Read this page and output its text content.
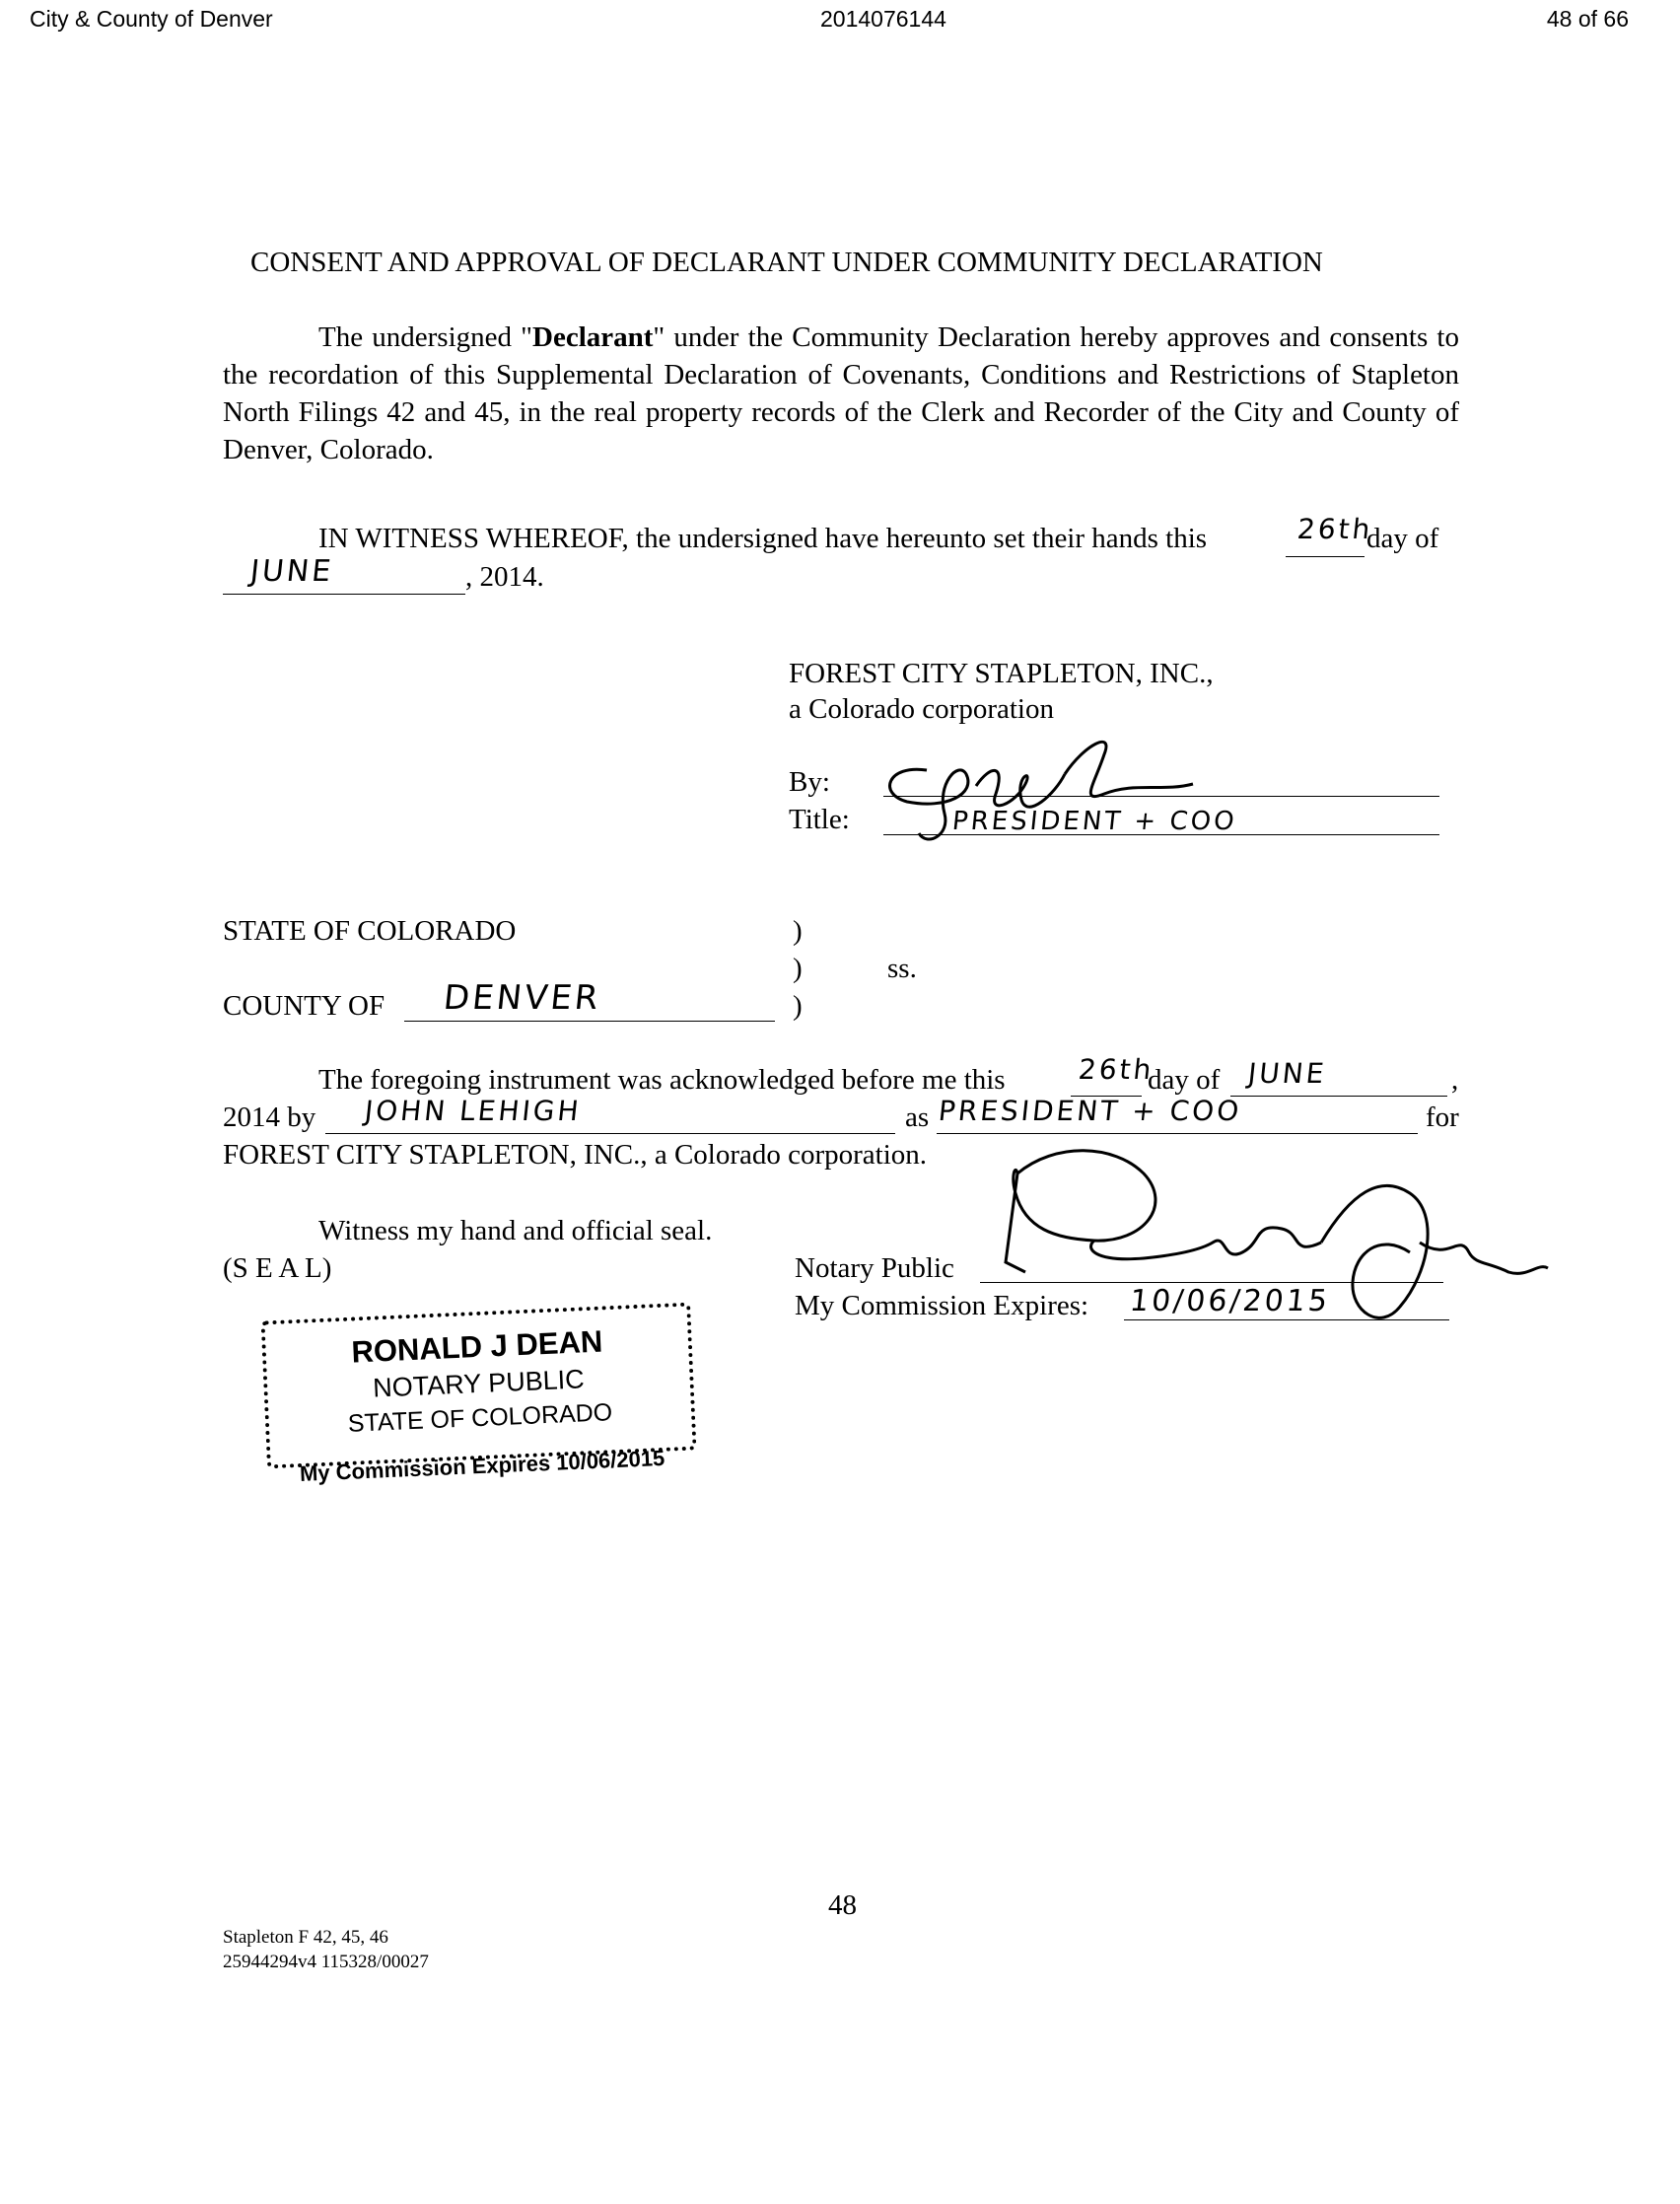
City & County of Denver	2014076144	48 of 66
CONSENT AND APPROVAL OF DECLARANT UNDER COMMUNITY DECLARATION
The undersigned "Declarant" under the Community Declaration hereby approves and consents to the recordation of this Supplemental Declaration of Covenants, Conditions and Restrictions of Stapleton North Filings 42 and 45, in the real property records of the Clerk and Recorder of the City and County of Denver, Colorado.
IN WITNESS WHEREOF, the undersigned have hereunto set their hands this	26th
day of
JUNE	, 2014.
FOREST CITY STAPLETON, INC.,
a Colorado corporation
By:
Title:	PRESIDENT + COO
STATE OF COLORADO	)
)	ss.
COUNTY OF DENVER	)
The foregoing instrument was acknowledged before me this	26th
day of JUNE	,
2014 by JOHN LEHIGH	as PRESIDENT + COO	for
FOREST CITY STAPLETON, INC., a Colorado corporation.
Witness my hand and official seal.
(S E A L)	Notary Public
My Commission Expires: 10/06/2015
RONALD J DEAN
NOTARY PUBLIC
STATE OF COLORADO
My Commission Expires 10/06/2015
48
Stapleton F 42, 45, 46
25944294v4 115328/00027
